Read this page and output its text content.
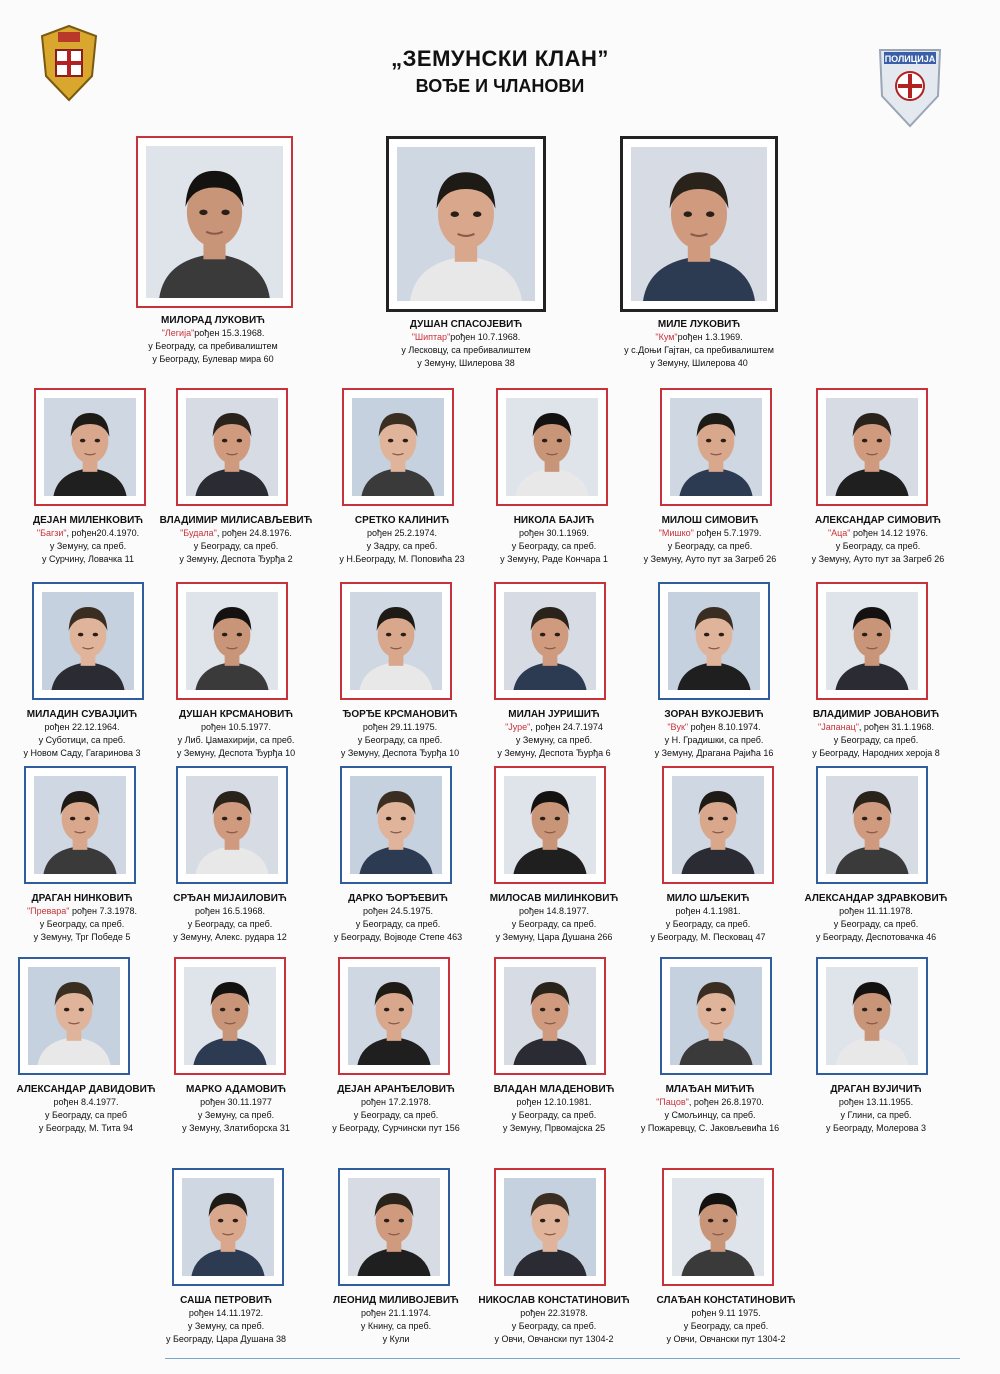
ПОЛИЦИЈА
„ЗЕМУНСКИ КЛАН”
ВОЂЕ И ЧЛАНОВИ
МИЛОРАД ЛУКОВИЋ
"Легија"рођен 15.3.1968.
у Београду, са пребивалиштем
у Београду, Булевар мира 60
ДУШАН СПАСОЈЕВИЋ
"Шиптар"рођен 10.7.1968.
у Лесковцу, са пребивалиштем
у Земуну, Шилерова 38
МИЛЕ ЛУКОВИЋ
"Кум"рођен 1.3.1969.
у с.Доњи Гајтан, са пребивалиштем
у Земуну, Шилерова 40
ДЕЈАН МИЛЕНКОВИЋ
"Багзи", рођен20.4.1970.
у Земуну, са преб.
у Сурчину, Ловачка 11
ВЛАДИМИР МИЛИСАВЉЕВИЋ
"Будала", рођен 24.8.1976.
у Београду, са преб.
у Земуну, Деспота Ђурђа 2
СРЕТКО КАЛИНИЋ
рођен 25.2.1974.
у Задру, са преб.
у Н.Београду, М. Поповића 23
НИКОЛА БАЈИЋ
рођен 30.1.1969.
у Београду, са преб.
у Земуну, Раде Кончара 1
МИЛОШ СИМОВИЋ
"Мишко" рођен 5.7.1979.
у Београду, са преб.
у Земуну, Ауто пут за Загреб 26
АЛЕКСАНДАР СИМОВИЋ
"Аца" рођен 14.12 1976.
у Београду, са преб.
у Земуну, Ауто пут за Загреб 26
МИЛАДИН СУВАЈЏИЋ
рођен 22.12.1964.
у Суботици, са преб.
у Новом Саду, Гагаринова 3
ДУШАН КРСМАНОВИЋ
рођен 10.5.1977.
у Либ. Џамахирији, са преб.
у Земуну, Деспота Ђурђа 10
ЂОРЂЕ КРСМАНОВИЋ
рођен 29.11.1975.
у Београду, са преб.
у Земуну, Деспота Ђурђа 10
МИЛАН ЈУРИШИЋ
"Јуре", рођен 24.7.1974
у Земуну, са преб.
у Земуну, Деспота Ђурђа 6
ЗОРАН ВУКОЈЕВИЋ
"Вук" рођен 8.10.1974.
у Н. Градишки, са преб.
у Земуну, Драгана Рајића 16
ВЛАДИМИР ЈОВАНОВИЋ
"Јапанац", рођен 31.1.1968.
у Београду, са преб.
у Београду, Народних хероја 8
ДРАГАН НИНКОВИЋ
"Превара" рођен 7.3.1978.
у Београду, са преб.
у Земуну, Трг Победе 5
СРЂАН МИЈАИЛОВИЋ
рођен 16.5.1968.
у Београду, са преб.
у Земуну, Алекс. рудара 12
ДАРКО ЂОРЂЕВИЋ
рођен 24.5.1975.
у Београду, са преб.
у Београду, Војводе Степе 463
МИЛОСАВ МИЛИНКОВИЋ
рођен 14.8.1977.
у Београду, са преб.
у Земуну, Цара Душана 266
МИЛО ШЉЕКИЋ
рођен 4.1.1981.
у Београду, са преб.
у Београду, М. Песковац 47
АЛЕКСАНДАР ЗДРАВКОВИЋ
рођен 11.11.1978.
у Београду, са преб.
у Београду, Деспотовачка 46
АЛЕКСАНДАР ДАВИДОВИЋ
рођен 8.4.1977.
у Београду, са преб
у Београду, М. Тита 94
МАРКО АДАМОВИЋ
рођен 30.11.1977
у Земуну, са преб.
у Земуну, Златиборска 31
ДЕЈАН АРАНЂЕЛОВИЋ
рођен 17.2.1978.
у Београду, са преб.
у Београду, Сурчински пут 156
ВЛАДАН МЛАДЕНОВИЋ
рођен 12.10.1981.
у Београду, са преб.
у Земуну, Првомајска 25
МЛАЂАН МИЋИЋ
"Пацов", рођен 26.8.1970.
у Смољинцу, са преб.
у Пожаревцу, С. Јаковљевића 16
ДРАГАН ВУЈИЧИЋ
рођен 13.11.1955.
у Глини, са преб.
у Београду, Молерова 3
САША ПЕТРОВИЋ
рођен 14.11.1972.
у Земуну, са преб.
у Београду, Цара Душана 38
ЛЕОНИД МИЛИВОЈЕВИЋ
рођен 21.1.1974.
у Книну, са преб.
у Кули
НИКОСЛАВ КОНСТАТИНОВИЋ
рођен 22.31978.
у Београду, са преб.
у Овчи, Овчански пут 1304-2
СЛАЂАН КОНСТАТИНОВИЋ
рођен 9.11 1975.
у Београду, са преб.
у Овчи, Овчански пут 1304-2
